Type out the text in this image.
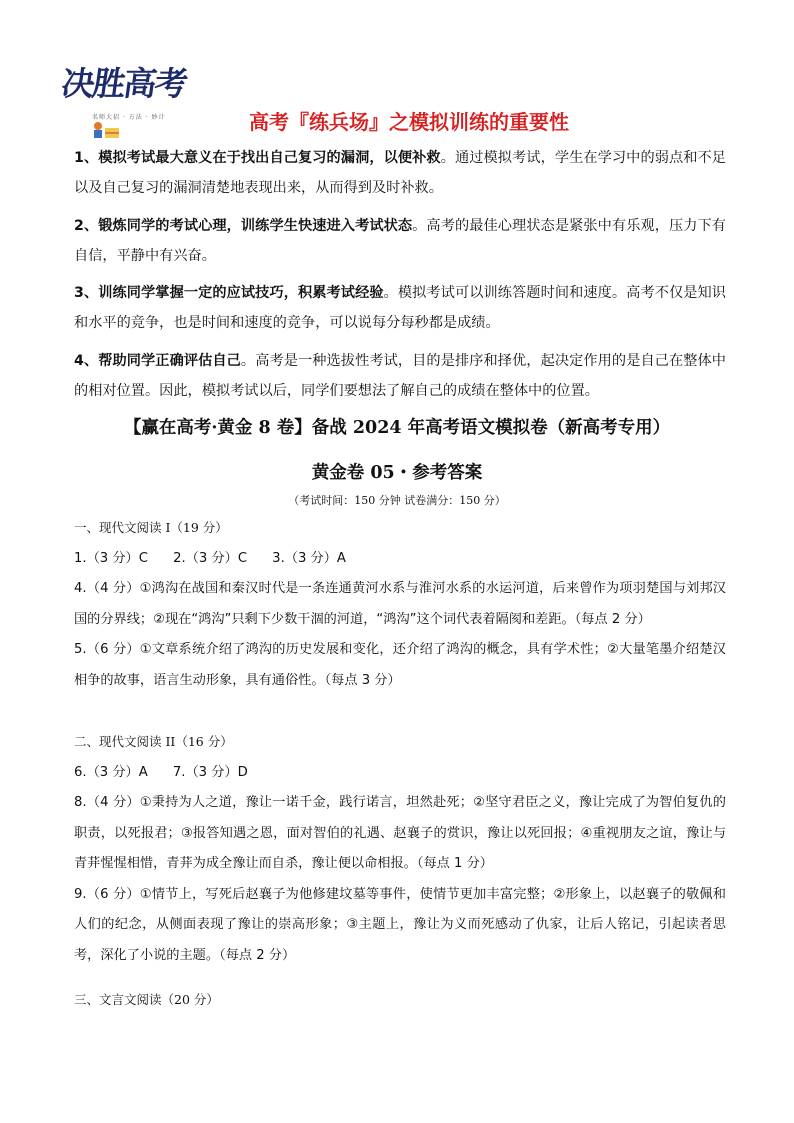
决胜高考
名师大招 · 方法 · 妙计	高考『练兵场』之模拟训练的重要性

1、模拟考试最大意义在于找出自己复习的漏洞，以便补救。通过模拟考试，学生在学习中的弱点和不足以及自己复习的漏洞清楚地表现出来，从而得到及时补救。

2、锻炼同学的考试心理，训练学生快速进入考试状态。高考的最佳心理状态是紧张中有乐观，压力下有自信，平静中有兴奋。

3、训练同学掌握一定的应试技巧，积累考试经验。模拟考试可以训练答题时间和速度。高考不仅是知识和水平的竞争，也是时间和速度的竞争，可以说每分每秒都是成绩。

4、帮助同学正确评估自己。高考是一种选拔性考试，目的是排序和择优，起决定作用的是自己在整体中的相对位置。因此，模拟考试以后，同学们要想法了解自己的成绩在整体中的位置。

【赢在高考·黄金 8 卷】备战 2024 年高考语文模拟卷（新高考专用）
黄金卷 05・参考答案
（考试时间：150 分钟 试卷满分：150 分）
一、现代文阅读 I（19 分）
1.（3 分）C      2.（3 分）C      3.（3 分）A
4.（4 分）①鸿沟在战国和秦汉时代是一条连通黄河水系与淮河水系的水运河道，后来曾作为项羽楚国与刘邦汉国的分界线；②现在“鸿沟”只剩下少数干涸的河道，“鸿沟”这个词代表着隔阂和差距。（每点 2 分）
5.（6 分）①文章系统介绍了鸿沟的历史发展和变化，还介绍了鸿沟的概念，具有学术性；②大量笔墨介绍楚汉相争的故事，语言生动形象，具有通俗性。（每点 3 分）
二、现代文阅读 II（16 分）
6.（3 分）A      7.（3 分）D
8.（4 分）①秉持为人之道，豫让一诺千金，践行诺言，坦然赴死；②坚守君臣之义，豫让完成了为智伯复仇的职责，以死报君；③报答知遇之恩，面对智伯的礼遇、赵襄子的赏识，豫让以死回报；④重视朋友之谊，豫让与青荓惺惺相惜，青荓为成全豫让而自杀，豫让便以命相报。（每点 1 分）
9.（6 分）①情节上，写死后赵襄子为他修建坟墓等事件，使情节更加丰富完整；②形象上，以赵襄子的敬佩和人们的纪念，从侧面表现了豫让的崇高形象；③主题上，豫让为义而死感动了仇家，让后人铭记，引起读者思考，深化了小说的主题。（每点 2 分）
三、文言文阅读（20 分）
